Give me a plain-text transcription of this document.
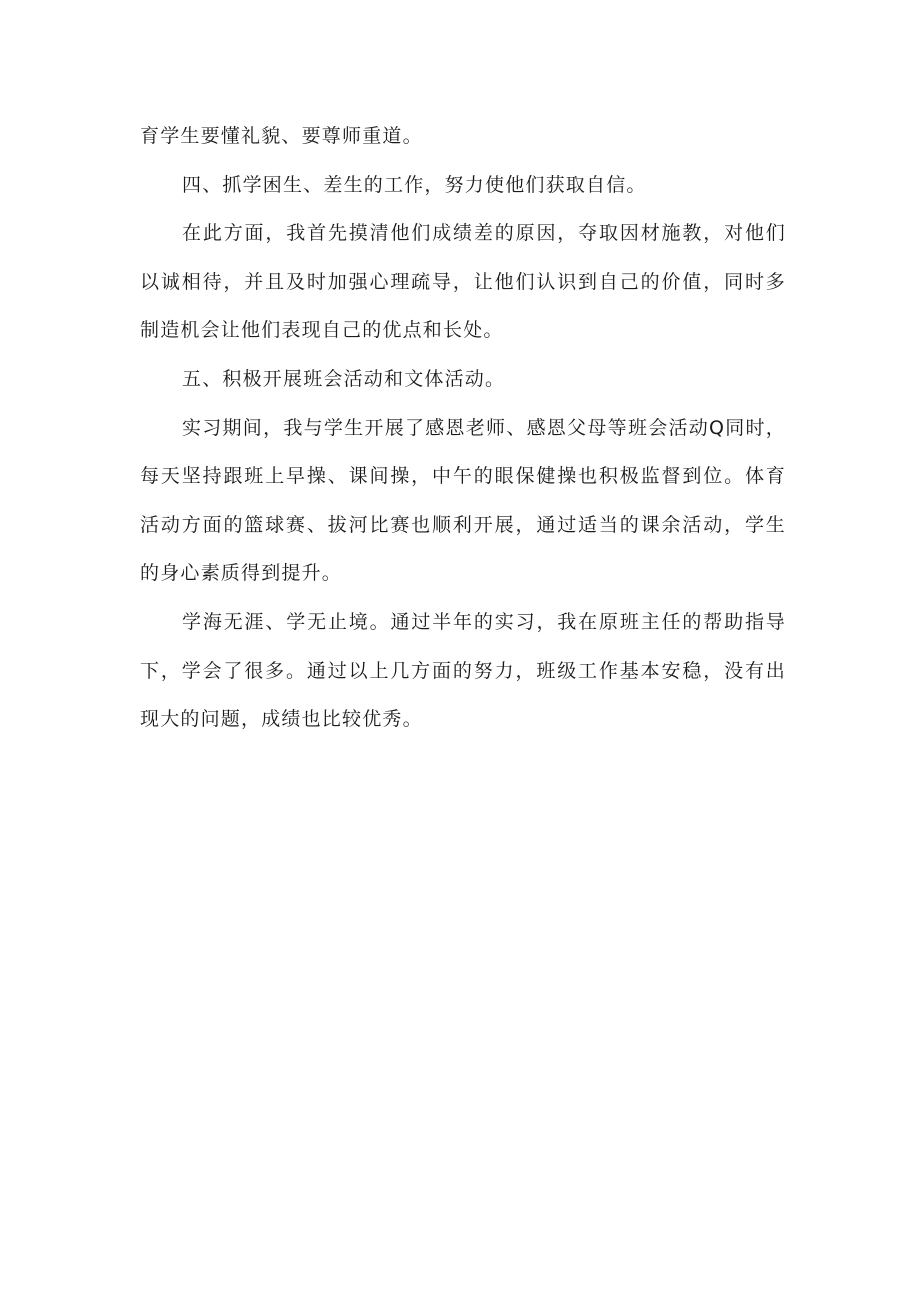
育学生要懂礼貌、要尊师重道。

四、抓学困生、差生的工作，努力使他们获取自信。

在此方面，我首先摸清他们成绩差的原因，夺取因材施教，对他们以诚相待，并且及时加强心理疏导，让他们认识到自己的价值，同时多制造机会让他们表现自己的优点和长处。

五、积极开展班会活动和文体活动。

实习期间，我与学生开展了感恩老师、感恩父母等班会活动Q同时，每天坚持跟班上早操、课间操，中午的眼保健操也积极监督到位。体育活动方面的篮球赛、拔河比赛也顺利开展，通过适当的课余活动，学生的身心素质得到提升。

学海无涯、学无止境。通过半年的实习，我在原班主任的帮助指导下，学会了很多。通过以上几方面的努力，班级工作基本安稳，没有出现大的问题，成绩也比较优秀。
